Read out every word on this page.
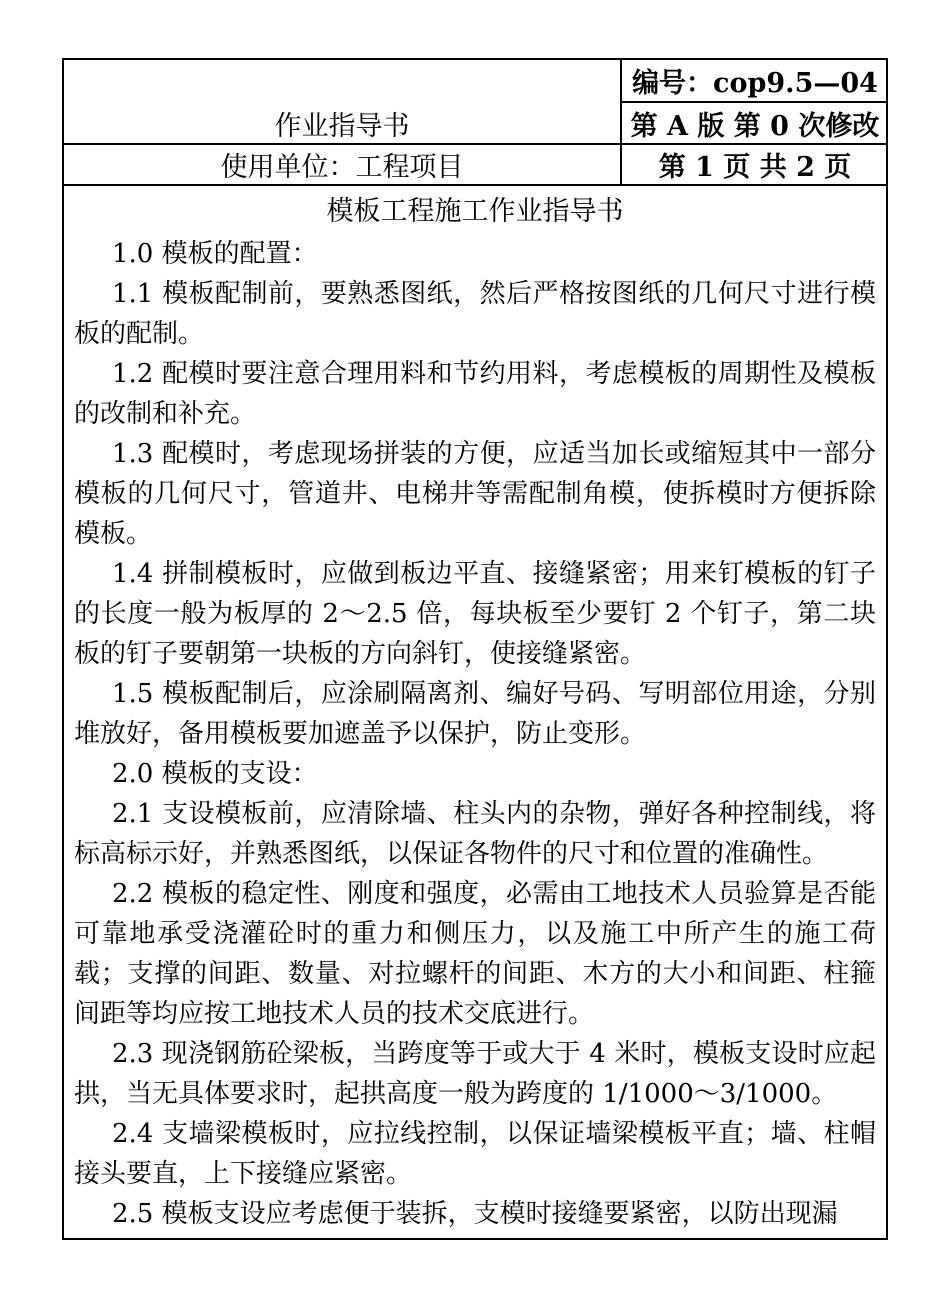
作业指导书
编号：cop9.5—04
第 A 版 第 0 次修改
使用单位：工程项目	第 1 页 共 2 页
模板工程施工作业指导书

1.0 模板的配置：

1.1 模板配制前，要熟悉图纸，然后严格按图纸的几何尺寸进行模板的配制。

1.2 配模时要注意合理用料和节约用料，考虑模板的周期性及模板的改制和补充。

1.3 配模时，考虑现场拼装的方便，应适当加长或缩短其中一部分模板的几何尺寸，管道井、电梯井等需配制角模，使拆模时方便拆除模板。

1.4 拼制模板时，应做到板边平直、接缝紧密；用来钉模板的钉子的长度一般为板厚的 2～2.5 倍，每块板至少要钉 2 个钉子，第二块板的钉子要朝第一块板的方向斜钉，使接缝紧密。

1.5 模板配制后，应涂刷隔离剂、编好号码、写明部位用途，分别堆放好，备用模板要加遮盖予以保护，防止变形。

2.0 模板的支设：

2.1 支设模板前，应清除墙、柱头内的杂物，弹好各种控制线，将标高标示好，并熟悉图纸，以保证各物件的尺寸和位置的准确性。

2.2 模板的稳定性、刚度和强度，必需由工地技术人员验算是否能可靠地承受浇灌砼时的重力和侧压力，以及施工中所产生的施工荷载；支撑的间距、数量、对拉螺杆的间距、木方的大小和间距、柱箍间距等均应按工地技术人员的技术交底进行。

2.3 现浇钢筋砼梁板，当跨度等于或大于 4 米时，模板支设时应起拱，当无具体要求时，起拱高度一般为跨度的 1/1000～3/1000。

2.4 支墙梁模板时，应拉线控制，以保证墙梁模板平直；墙、柱帽接头要直，上下接缝应紧密。

2.5 模板支设应考虑便于装拆，支模时接缝要紧密，以防出现漏
